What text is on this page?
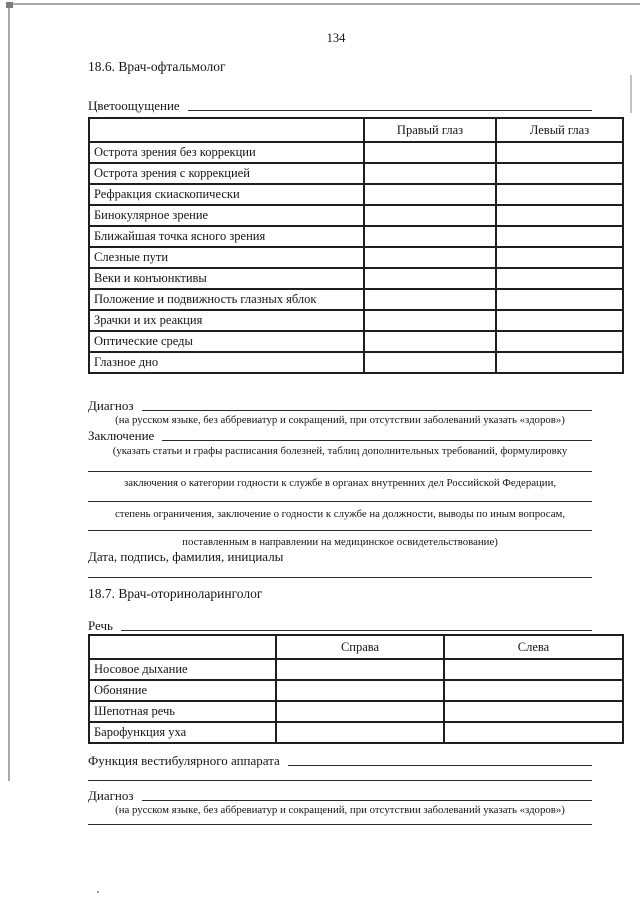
134
18.6. Врач-офтальмолог
Цветоощущение
	Правый глаз	Левый глаз
Острота зрения без коррекции		
Острота зрения с коррекцией		
Рефракция скиаскопически		
Бинокулярное зрение		
Ближайшая точка ясного зрения		
Слезные пути		
Веки и конъюнктивы		
Положение и подвижность глазных яблок		
Зрачки и их реакция		
Оптические среды		
Глазное дно		
Диагноз
(на русском языке, без аббревиатур и сокращений, при отсутствии заболеваний указать «здоров»)
Заключение
(указать статьи и графы расписания болезней, таблиц дополнительных требований, формулировку
заключения о категории годности к службе в органах внутренних дел Российской Федерации,
степень ограничения, заключение о годности к службе на должности, выводы по иным вопросам,
поставленным в направлении на медицинское освидетельствование)
Дата, подпись, фамилия, инициалы
18.7. Врач-оториноларинголог
Речь
	Справа	Слева
Носовое дыхание		
Обоняние		
Шепотная речь		
Барофункция уха		
Функция вестибулярного аппарата
Диагноз
(на русском языке, без аббревиатур и сокращений, при отсутствии заболеваний указать «здоров»)
